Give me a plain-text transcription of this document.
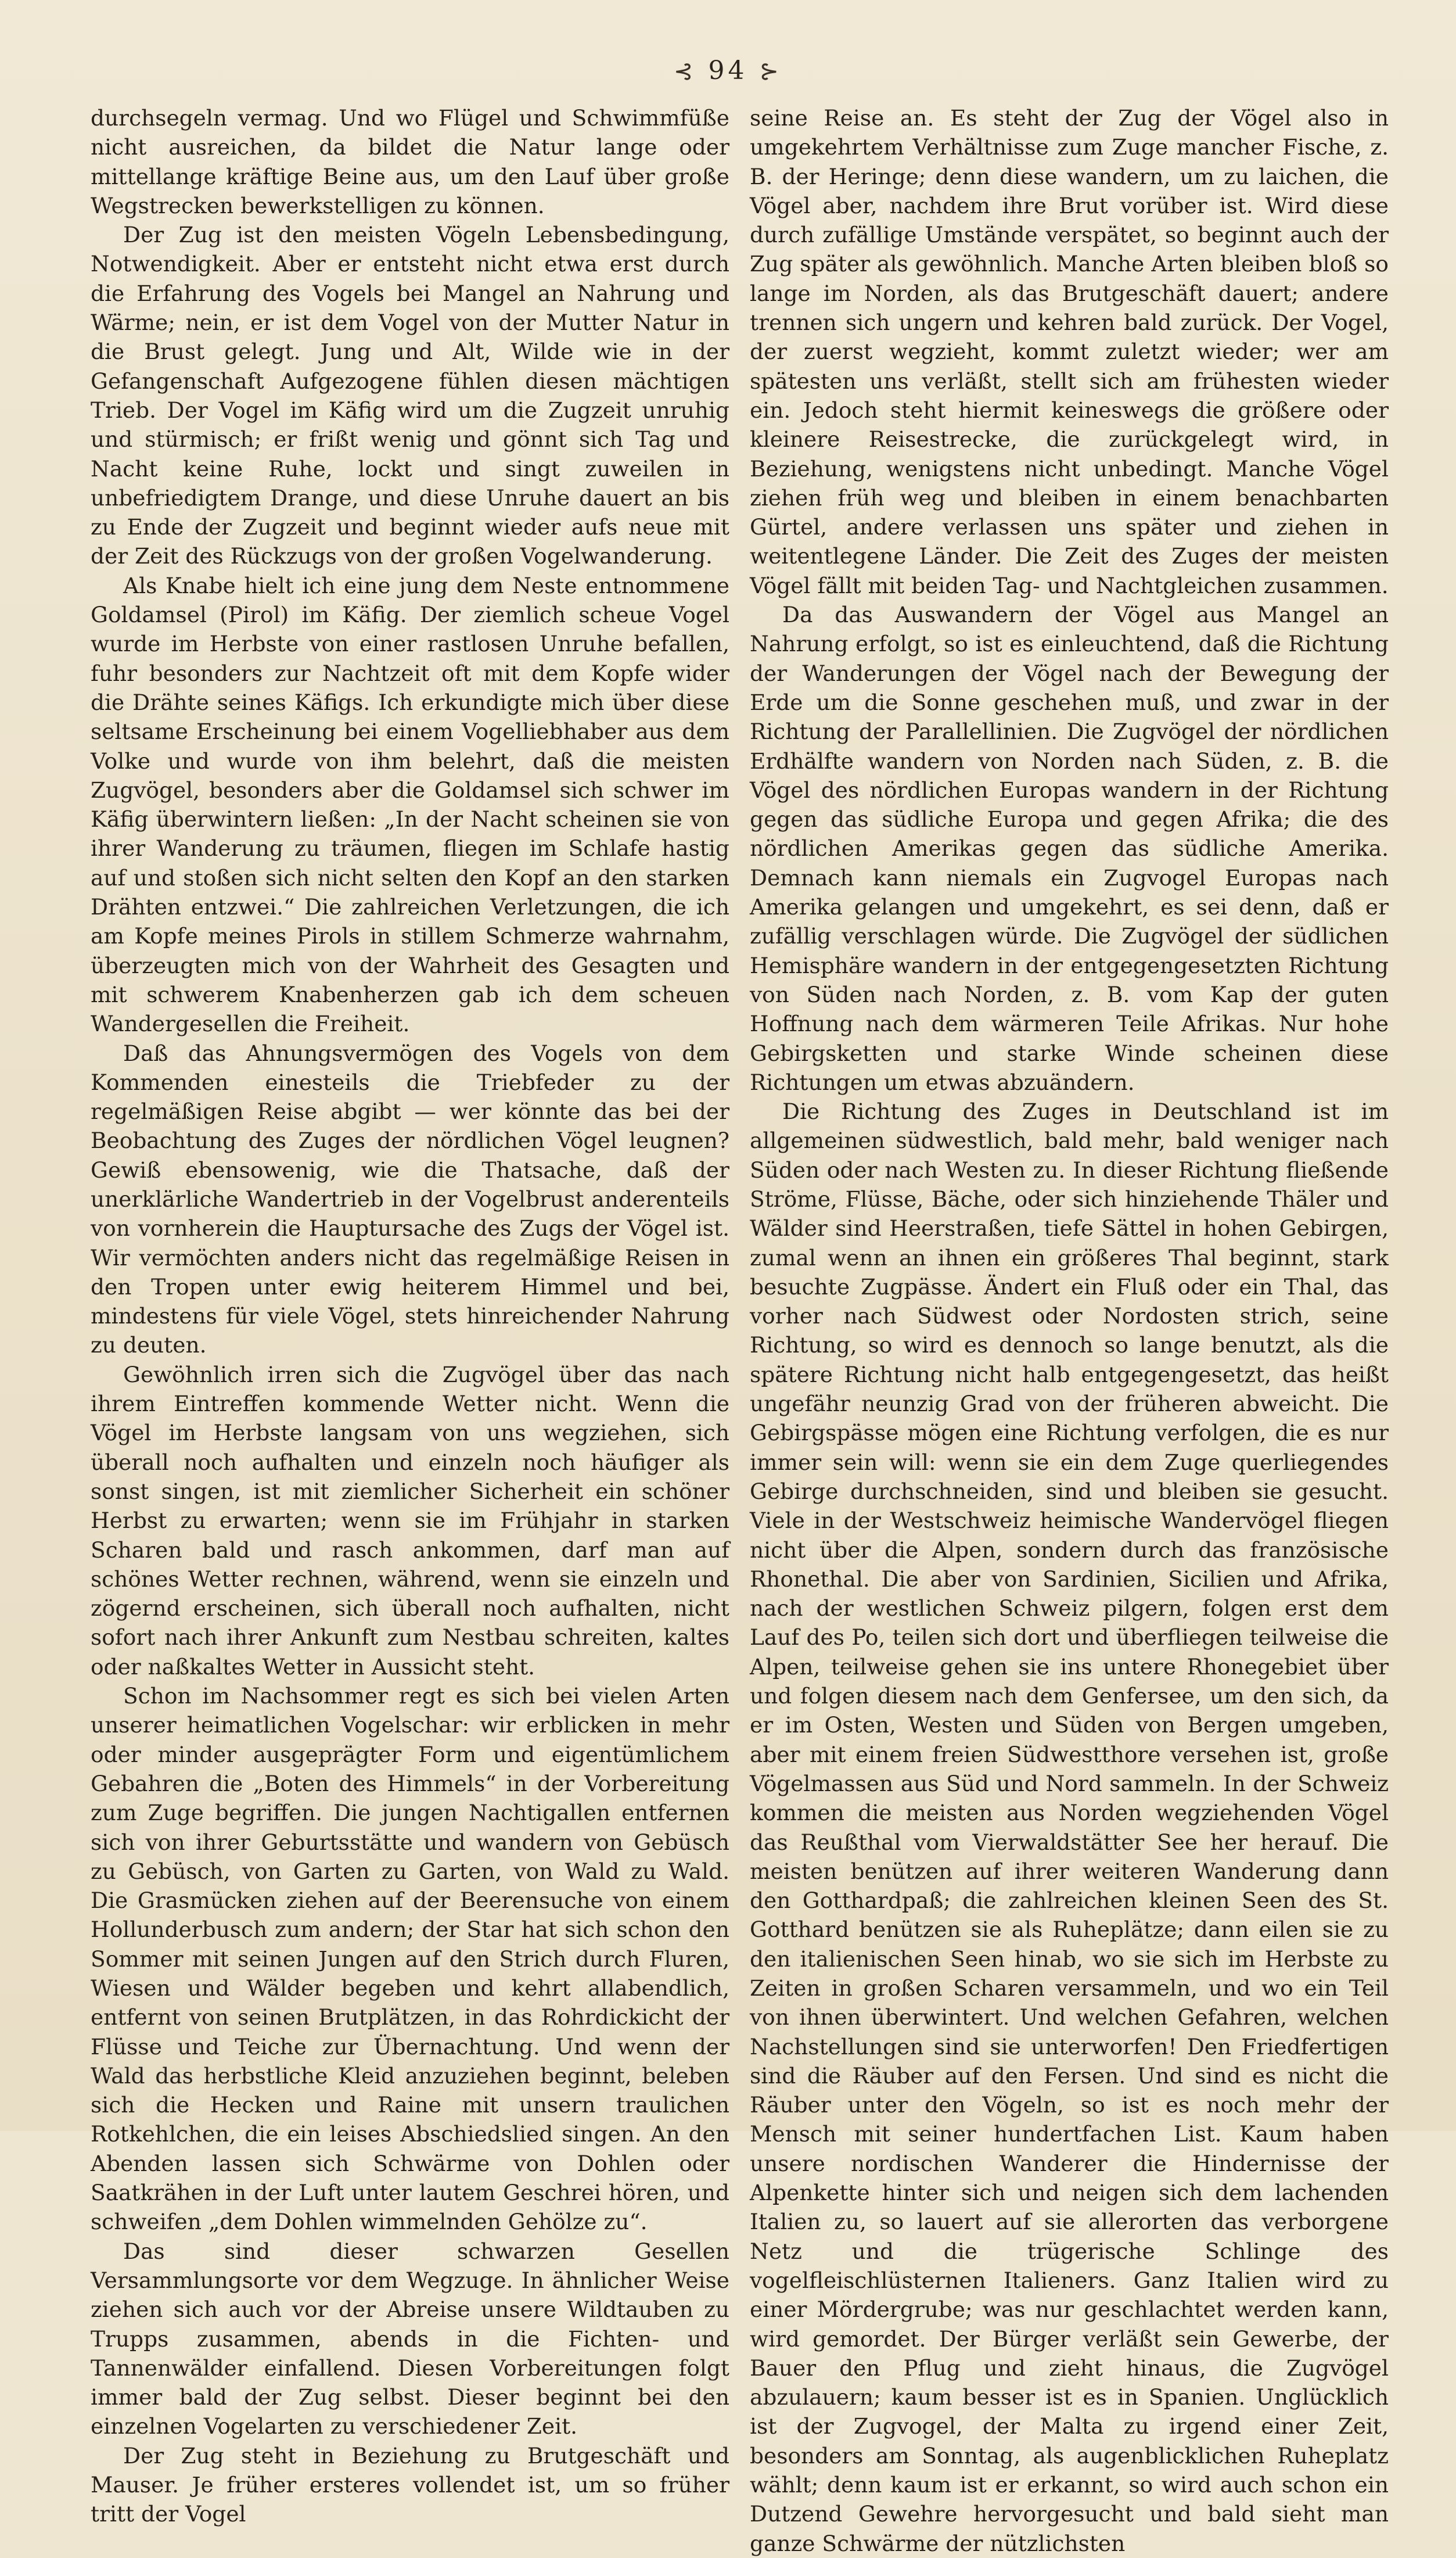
⊰ 94 ⊱

durchsegeln vermag. Und wo Flügel und Schwimmfüße nicht ausreichen, da bildet die Natur lange oder mittellange kräftige Beine aus, um den Lauf über große Wegstrecken bewerkstelligen zu können.

Der Zug ist den meisten Vögeln Lebensbedingung, Notwendigkeit. Aber er entsteht nicht etwa erst durch die Erfahrung des Vogels bei Mangel an Nahrung und Wärme; nein, er ist dem Vogel von der Mutter Natur in die Brust gelegt. Jung und Alt, Wilde wie in der Gefangenschaft Aufgezogene fühlen diesen mächtigen Trieb. Der Vogel im Käfig wird um die Zugzeit unruhig und stürmisch; er frißt wenig und gönnt sich Tag und Nacht keine Ruhe, lockt und singt zuweilen in unbefriedigtem Drange, und diese Unruhe dauert an bis zu Ende der Zugzeit und beginnt wieder aufs neue mit der Zeit des Rückzugs von der großen Vogelwanderung.

Als Knabe hielt ich eine jung dem Neste entnommene Goldamsel (Pirol) im Käfig. Der ziemlich scheue Vogel wurde im Herbste von einer rastlosen Unruhe befallen, fuhr besonders zur Nachtzeit oft mit dem Kopfe wider die Drähte seines Käfigs. Ich erkundigte mich über diese seltsame Erscheinung bei einem Vogelliebhaber aus dem Volke und wurde von ihm belehrt, daß die meisten Zugvögel, besonders aber die Goldamsel sich schwer im Käfig überwintern ließen: „In der Nacht scheinen sie von ihrer Wanderung zu träumen, fliegen im Schlafe hastig auf und stoßen sich nicht selten den Kopf an den starken Drähten entzwei.“ Die zahlreichen Verletzungen, die ich am Kopfe meines Pirols in stillem Schmerze wahrnahm, überzeugten mich von der Wahrheit des Gesagten und mit schwerem Knabenherzen gab ich dem scheuen Wandergesellen die Freiheit.

Daß das Ahnungsvermögen des Vogels von dem Kommenden einesteils die Triebfeder zu der regelmäßigen Reise abgibt — wer könnte das bei der Beobachtung des Zuges der nördlichen Vögel leugnen? Gewiß ebensowenig, wie die Thatsache, daß der unerklärliche Wandertrieb in der Vogelbrust anderenteils von vornherein die Hauptursache des Zugs der Vögel ist. Wir vermöchten anders nicht das regelmäßige Reisen in den Tropen unter ewig heiterem Himmel und bei, mindestens für viele Vögel, stets hinreichender Nahrung zu deuten.

Gewöhnlich irren sich die Zugvögel über das nach ihrem Eintreffen kommende Wetter nicht. Wenn die Vögel im Herbste langsam von uns wegziehen, sich überall noch aufhalten und einzeln noch häufiger als sonst singen, ist mit ziemlicher Sicherheit ein schöner Herbst zu erwarten; wenn sie im Frühjahr in starken Scharen bald und rasch ankommen, darf man auf schönes Wetter rechnen, während, wenn sie einzeln und zögernd erscheinen, sich überall noch aufhalten, nicht sofort nach ihrer Ankunft zum Nestbau schreiten, kaltes oder naßkaltes Wetter in Aussicht steht.

Schon im Nachsommer regt es sich bei vielen Arten unserer heimatlichen Vogelschar: wir erblicken in mehr oder minder ausgeprägter Form und eigentümlichem Gebahren die „Boten des Himmels“ in der Vorbereitung zum Zuge begriffen. Die jungen Nachtigallen entfernen sich von ihrer Geburtsstätte und wandern von Gebüsch zu Gebüsch, von Garten zu Garten, von Wald zu Wald. Die Grasmücken ziehen auf der Beerensuche von einem Hollunderbusch zum andern; der Star hat sich schon den Sommer mit seinen Jungen auf den Strich durch Fluren, Wiesen und Wälder begeben und kehrt allabendlich, entfernt von seinen Brutplätzen, in das Rohrdickicht der Flüsse und Teiche zur Übernachtung. Und wenn der Wald das herbstliche Kleid anzuziehen beginnt, beleben sich die Hecken und Raine mit unsern traulichen Rotkehlchen, die ein leises Abschiedslied singen. An den Abenden lassen sich Schwärme von Dohlen oder Saatkrähen in der Luft unter lautem Geschrei hören, und schweifen „dem Dohlen wimmelnden Gehölze zu“.

Das sind dieser schwarzen Gesellen Versammlungsorte vor dem Wegzuge. In ähnlicher Weise ziehen sich auch vor der Abreise unsere Wildtauben zu Trupps zusammen, abends in die Fichten- und Tannenwälder einfallend. Diesen Vorbereitungen folgt immer bald der Zug selbst. Dieser beginnt bei den einzelnen Vogelarten zu verschiedener Zeit.

Der Zug steht in Beziehung zu Brutgeschäft und Mauser. Je früher ersteres vollendet ist, um so früher tritt der Vogel

seine Reise an. Es steht der Zug der Vögel also in umgekehrtem Verhältnisse zum Zuge mancher Fische, z. B. der Heringe; denn diese wandern, um zu laichen, die Vögel aber, nachdem ihre Brut vorüber ist. Wird diese durch zufällige Umstände verspätet, so beginnt auch der Zug später als gewöhnlich. Manche Arten bleiben bloß so lange im Norden, als das Brutgeschäft dauert; andere trennen sich ungern und kehren bald zurück. Der Vogel, der zuerst wegzieht, kommt zuletzt wieder; wer am spätesten uns verläßt, stellt sich am frühesten wieder ein. Jedoch steht hiermit keineswegs die größere oder kleinere Reisestrecke, die zurückgelegt wird, in Beziehung, wenigstens nicht unbedingt. Manche Vögel ziehen früh weg und bleiben in einem benachbarten Gürtel, andere verlassen uns später und ziehen in weitentlegene Länder. Die Zeit des Zuges der meisten Vögel fällt mit beiden Tag- und Nachtgleichen zusammen.

Da das Auswandern der Vögel aus Mangel an Nahrung erfolgt, so ist es einleuchtend, daß die Richtung der Wanderungen der Vögel nach der Bewegung der Erde um die Sonne geschehen muß, und zwar in der Richtung der Parallellinien. Die Zugvögel der nördlichen Erdhälfte wandern von Norden nach Süden, z. B. die Vögel des nördlichen Europas wandern in der Richtung gegen das südliche Europa und gegen Afrika; die des nördlichen Amerikas gegen das südliche Amerika. Demnach kann niemals ein Zugvogel Europas nach Amerika gelangen und umgekehrt, es sei denn, daß er zufällig verschlagen würde. Die Zugvögel der südlichen Hemisphäre wandern in der entgegengesetzten Richtung von Süden nach Norden, z. B. vom Kap der guten Hoffnung nach dem wärmeren Teile Afrikas. Nur hohe Gebirgsketten und starke Winde scheinen diese Richtungen um etwas abzuändern.

Die Richtung des Zuges in Deutschland ist im allgemeinen südwestlich, bald mehr, bald weniger nach Süden oder nach Westen zu. In dieser Richtung fließende Ströme, Flüsse, Bäche, oder sich hinziehende Thäler und Wälder sind Heerstraßen, tiefe Sättel in hohen Gebirgen, zumal wenn an ihnen ein größeres Thal beginnt, stark besuchte Zugpässe. Ändert ein Fluß oder ein Thal, das vorher nach Südwest oder Nordosten strich, seine Richtung, so wird es dennoch so lange benutzt, als die spätere Richtung nicht halb entgegengesetzt, das heißt ungefähr neunzig Grad von der früheren abweicht. Die Gebirgspässe mögen eine Richtung verfolgen, die es nur immer sein will: wenn sie ein dem Zuge querliegendes Gebirge durchschneiden, sind und bleiben sie gesucht. Viele in der Westschweiz heimische Wandervögel fliegen nicht über die Alpen, sondern durch das französische Rhonethal. Die aber von Sardinien, Sicilien und Afrika, nach der westlichen Schweiz pilgern, folgen erst dem Lauf des Po, teilen sich dort und überfliegen teilweise die Alpen, teilweise gehen sie ins untere Rhonegebiet über und folgen diesem nach dem Genfersee, um den sich, da er im Osten, Westen und Süden von Bergen umgeben, aber mit einem freien Südwestthore versehen ist, große Vögelmassen aus Süd und Nord sammeln. In der Schweiz kommen die meisten aus Norden wegziehenden Vögel das Reußthal vom Vierwaldstätter See her herauf. Die meisten benützen auf ihrer weiteren Wanderung dann den Gotthardpaß; die zahlreichen kleinen Seen des St. Gotthard benützen sie als Ruheplätze; dann eilen sie zu den italienischen Seen hinab, wo sie sich im Herbste zu Zeiten in großen Scharen versammeln, und wo ein Teil von ihnen überwintert. Und welchen Gefahren, welchen Nachstellungen sind sie unterworfen! Den Friedfertigen sind die Räuber auf den Fersen. Und sind es nicht die Räuber unter den Vögeln, so ist es noch mehr der Mensch mit seiner hundertfachen List. Kaum haben unsere nordischen Wanderer die Hindernisse der Alpenkette hinter sich und neigen sich dem lachenden Italien zu, so lauert auf sie allerorten das verborgene Netz und die trügerische Schlinge des vogelfleischlüsternen Italieners. Ganz Italien wird zu einer Mördergrube; was nur geschlachtet werden kann, wird gemordet. Der Bürger verläßt sein Gewerbe, der Bauer den Pflug und zieht hinaus, die Zugvögel abzulauern; kaum besser ist es in Spanien. Unglücklich ist der Zugvogel, der Malta zu irgend einer Zeit, besonders am Sonntag, als augenblicklichen Ruheplatz wählt; denn kaum ist er erkannt, so wird auch schon ein Dutzend Gewehre hervorgesucht und bald sieht man ganze Schwärme der nützlichsten
